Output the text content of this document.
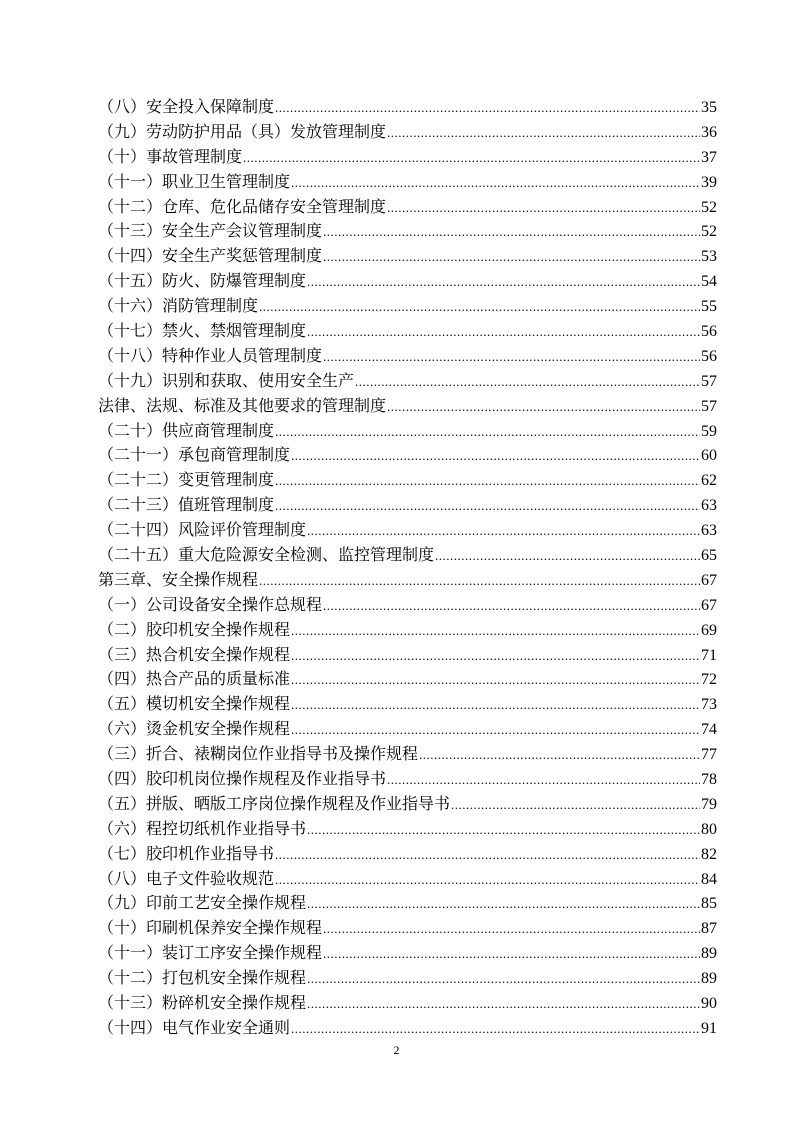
（八）安全投入保障制度 .....	35
（九）劳动防护用品（具）发放管理制度 .....	36
（十）事故管理制度 .....	37
（十一）职业卫生管理制度 .....	39
（十二）仓库、危化品储存安全管理制度 .....	52
（十三）安全生产会议管理制度 .....	52
（十四）安全生产奖惩管理制度 .....	53
（十五）防火、防爆管理制度 .....	54
（十六）消防管理制度 .....	55
（十七）禁火、禁烟管理制度 .....	56
（十八）特种作业人员管理制度 .....	56
（十九）识别和获取、使用安全生产 .....	57
法律、法规、标准及其他要求的管理制度 .....	57
（二十）供应商管理制度 .....	59
（二十一）承包商管理制度 .....	60
（二十二）变更管理制度 .....	62
（二十三）值班管理制度 .....	63
（二十四）风险评价管理制度 .....	63
（二十五）重大危险源安全检测、监控管理制度 .....	65
第三章、安全操作规程 .....	67
（一）公司设备安全操作总规程 .....	67
（二）胶印机安全操作规程 .....	69
（三）热合机安全操作规程 .....	71
（四）热合产品的质量标准 .....	72
（五）模切机安全操作规程 .....	73
（六）烫金机安全操作规程 .....	74
（三）折合、裱糊岗位作业指导书及操作规程 .....	77
（四）胶印机岗位操作规程及作业指导书 .....	78
（五）拼版、晒版工序岗位操作规程及作业指导书 .....	79
（六）程控切纸机作业指导书 .....	80
（七）胶印机作业指导书 .....	82
（八）电子文件验收规范 .....	84
（九）印前工艺安全操作规程 .....	85
（十）印刷机保养安全操作规程 .....	87
（十一）装订工序安全操作规程 .....	89
（十二）打包机安全操作规程 .....	89
（十三）粉碎机安全操作规程 .....	90
（十四）电气作业安全通则 .....	91
2
